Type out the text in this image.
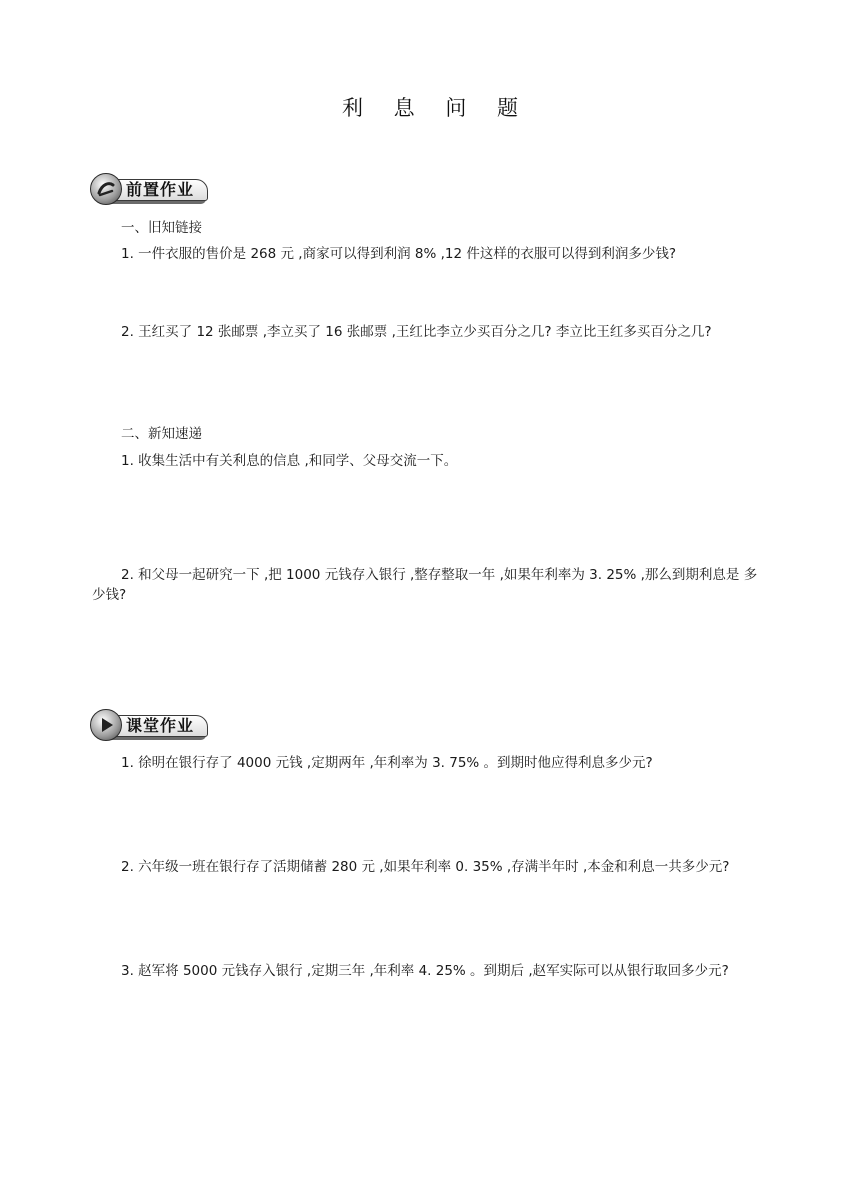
利 息 问 题
前置作业
一、旧知链接
1. 一件衣服的售价是 268 元 ,商家可以得到利润 8% ,12 件这样的衣服可以得到利润多少钱?
2. 王红买了 12 张邮票 ,李立买了 16 张邮票 ,王红比李立少买百分之几? 李立比王红多买百分之几?
二、新知速递
1. 收集生活中有关利息的信息 ,和同学、父母交流一下。
2. 和父母一起研究一下 ,把 1000 元钱存入银行 ,整存整取一年 ,如果年利率为 3. 25% ,那么到期利息是 多少钱?
课堂作业
1. 徐明在银行存了 4000 元钱 ,定期两年 ,年利率为 3. 75% 。到期时他应得利息多少元?
2. 六年级一班在银行存了活期储蓄 280 元 ,如果年利率 0. 35% ,存满半年时 ,本金和利息一共多少元?
3. 赵军将 5000 元钱存入银行 ,定期三年 ,年利率 4. 25% 。到期后 ,赵军实际可以从银行取回多少元?
